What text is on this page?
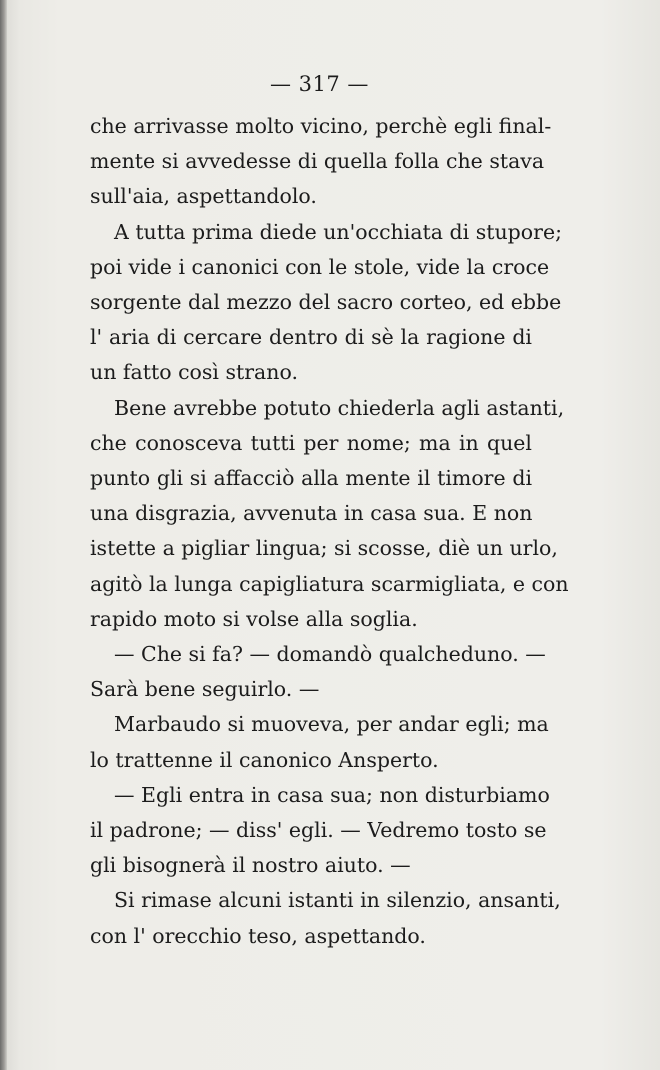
— 317 —
che arrivasse molto vicino, perchè egli final-
mente si avvedesse di quella folla che stava
sull'aia, aspettandolo.
A tutta prima diede un'occhiata di stupore;
poi vide i canonici con le stole, vide la croce
sorgente dal mezzo del sacro corteo, ed ebbe
l' aria di cercare dentro di sè la ragione di
un fatto così strano.
Bene avrebbe potuto chiederla agli astanti,
che conosceva tutti per nome; ma in quel
punto gli si affacciò alla mente il timore di
una disgrazia, avvenuta in casa sua. E non
istette a pigliar lingua; si scosse, diè un urlo,
agitò la lunga capigliatura scarmigliata, e con
rapido moto si volse alla soglia.
— Che si fa? — domandò qualcheduno. —
Sarà bene seguirlo. —
Marbaudo si muoveva, per andar egli; ma
lo trattenne il canonico Ansperto.
— Egli entra in casa sua; non disturbiamo
il padrone; — diss' egli. — Vedremo tosto se
gli bisognerà il nostro aiuto. —
Si rimase alcuni istanti in silenzio, ansanti,
con l' orecchio teso, aspettando.
